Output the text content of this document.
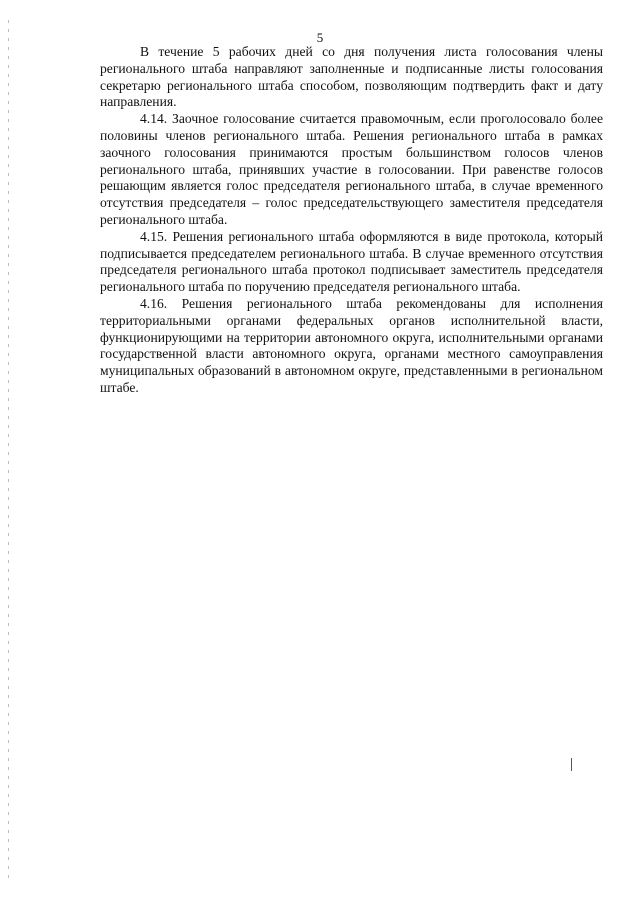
5

В течение 5 рабочих дней со дня получения листа голосования члены регионального штаба направляют заполненные и подписанные листы голосования секретарю регионального штаба способом, позволяющим подтвердить факт и дату направления.

4.14. Заочное голосование считается правомочным, если проголосовало более половины членов регионального штаба. Решения регионального штаба в рамках заочного голосования принимаются простым большинством голосов членов регионального штаба, принявших участие в голосовании. При равенстве голосов решающим является голос председателя регионального штаба, в случае временного отсутствия председателя – голос председательствующего заместителя председателя регионального штаба.

4.15. Решения регионального штаба оформляются в виде протокола, который подписывается председателем регионального штаба. В случае временного отсутствия председателя регионального штаба протокол подписывает заместитель председателя регионального штаба по поручению председателя регионального штаба.

4.16. Решения регионального штаба рекомендованы для исполнения территориальными органами федеральных органов исполнительной власти, функционирующими на территории автономного округа, исполнительными органами государственной власти автономного округа, органами местного самоуправления муниципальных образований в автономном округе, представленными в региональном штабе.
